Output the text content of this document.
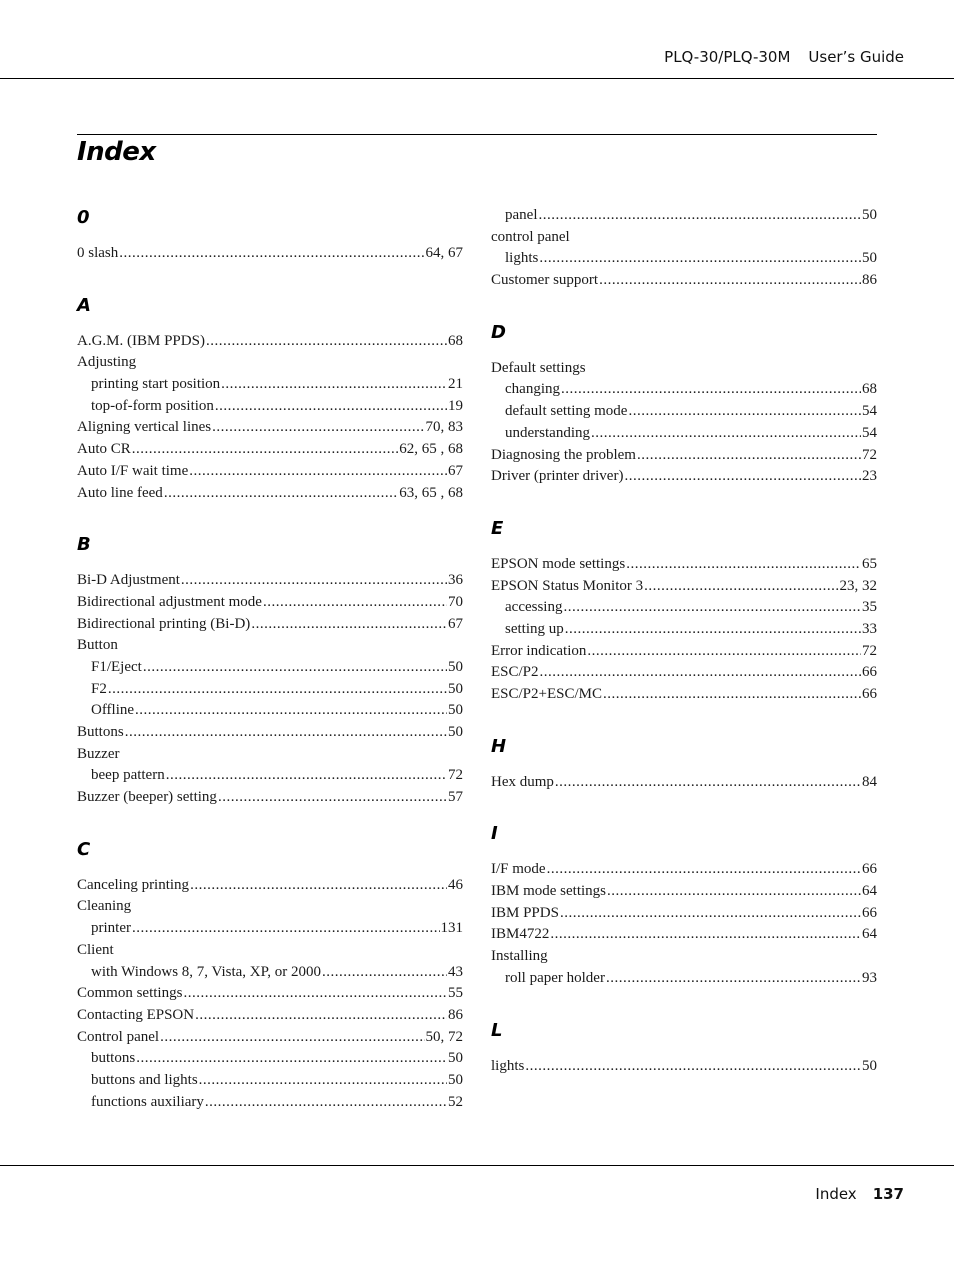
PLQ-30/PLQ-30M User’s Guide
Index
0
0 slash .....	64, 67
A
A.G.M. (IBM PPDS) .....	68
Adjusting
printing start position .....	21
top-of-form position .....	19
Aligning vertical lines .....	70, 83
Auto CR .....	62, 65 , 68
Auto I/F wait time .....	67
Auto line feed .....	63, 65 , 68
B
Bi-D Adjustment .....	36
Bidirectional adjustment mode .....	70
Bidirectional printing (Bi-D) .....	67
Button
F1/Eject .....	50
F2 .....	50
Offline .....	50
Buttons .....	50
Buzzer
beep pattern .....	72
Buzzer (beeper) setting .....	57
C
Canceling printing .....	46
Cleaning
printer .....	131
Client
with Windows 8, 7, Vista, XP, or 2000 .....	43
Common settings .....	55
Contacting EPSON .....	86
Control panel .....	50, 72
buttons .....	50
buttons and lights .....	50
functions auxiliary .....	52
panel .....	50
control panel
lights .....	50
Customer support .....	86
D
Default settings
changing .....	68
default setting mode .....	54
understanding .....	54
Diagnosing the problem .....	72
Driver (printer driver) .....	23
E
EPSON mode settings .....	65
EPSON Status Monitor 3 .....	23, 32
accessing .....	35
setting up .....	33
Error indication .....	72
ESC/P2 .....	66
ESC/P2+ESC/MC .....	66
H
Hex dump .....	84
I
I/F mode .....	66
IBM mode settings .....	64
IBM PPDS .....	66
IBM4722 .....	64
Installing
roll paper holder .....	93
L
lights .....	50
Index 137
